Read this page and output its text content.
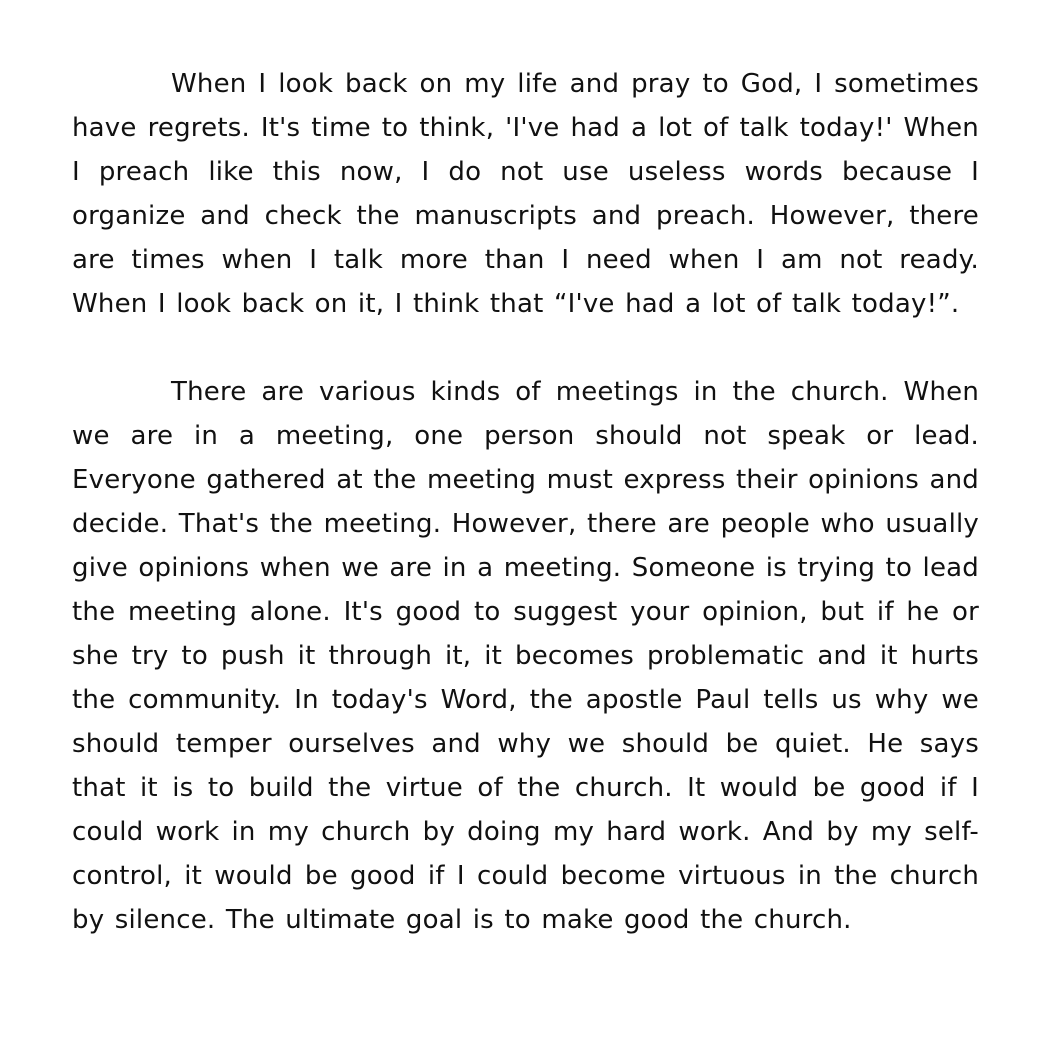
When I look back on my life and pray to God, I sometimes have regrets. It's time to think, 'I've had a lot of talk today!' When I preach like this now, I do not use useless words because I organize and check the manuscripts and preach. However, there are times when I talk more than I need when I am not ready. When I look back on it, I think that “I've had a lot of talk today!”.

There are various kinds of meetings in the church. When we are in a meeting, one person should not speak or lead. Everyone gathered at the meeting must express their opinions and decide. That's the meeting. However, there are people who usually give opinions when we are in a meeting. Someone is trying to lead the meeting alone. It's good to suggest your opinion, but if he or she try to push it through it, it becomes problematic and it hurts the community. In today's Word, the apostle Paul tells us why we should temper ourselves and why we should be quiet. He says that it is to build the virtue of the church. It would be good if I could work in my church by doing my hard work. And by my self-control, it would be good if I could become virtuous in the church by silence. The ultimate goal is to make good the church.
